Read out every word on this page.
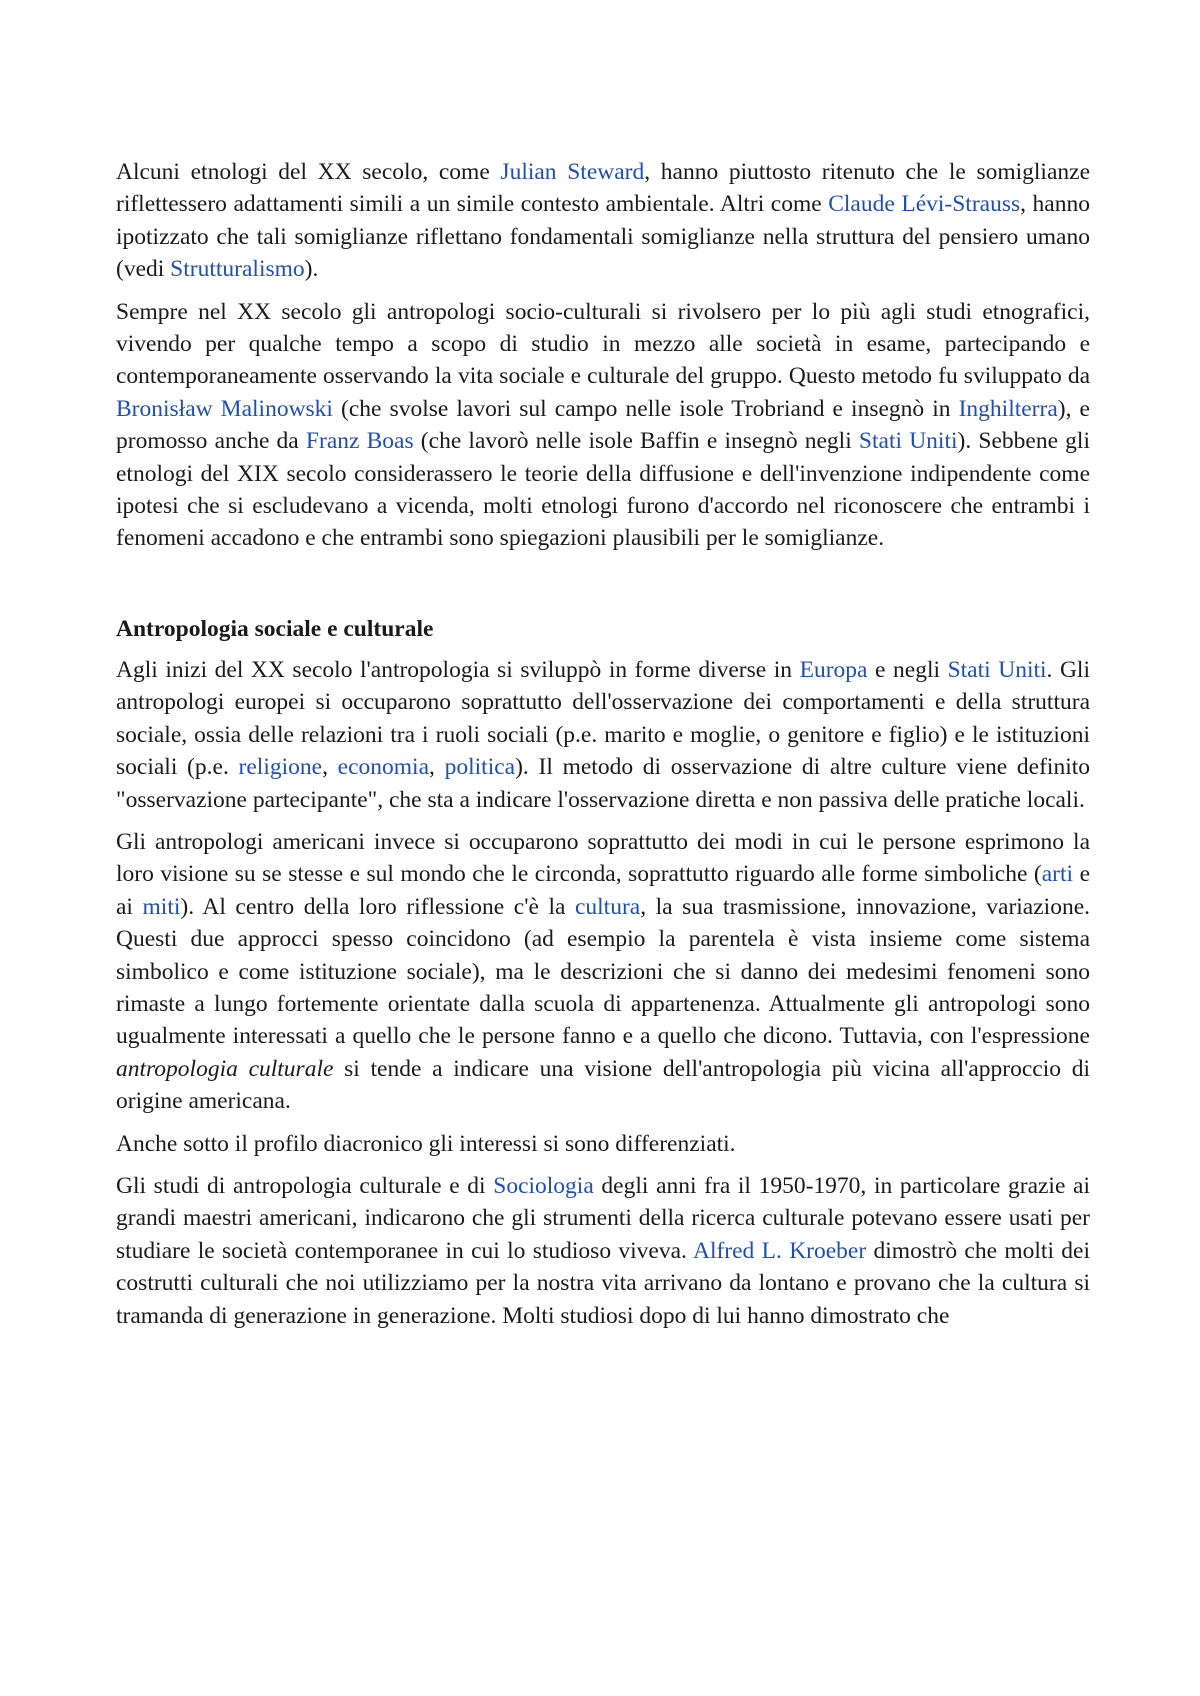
Alcuni etnologi del XX secolo, come Julian Steward, hanno piuttosto ritenuto che le somiglianze riflettessero adattamenti simili a un simile contesto ambientale. Altri come Claude Lévi-Strauss, hanno ipotizzato che tali somiglianze riflettano fondamentali somiglianze nella struttura del pensiero umano (vedi Strutturalismo).

Sempre nel XX secolo gli antropologi socio-culturali si rivolsero per lo più agli studi etnografici, vivendo per qualche tempo a scopo di studio in mezzo alle società in esame, partecipando e contemporaneamente osservando la vita sociale e culturale del gruppo. Questo metodo fu sviluppato da Bronisław Malinowski (che svolse lavori sul campo nelle isole Trobriand e insegnò in Inghilterra), e promosso anche da Franz Boas (che lavorò nelle isole Baffin e insegnò negli Stati Uniti). Sebbene gli etnologi del XIX secolo considerassero le teorie della diffusione e dell'invenzione indipendente come ipotesi che si escludevano a vicenda, molti etnologi furono d'accordo nel riconoscere che entrambi i fenomeni accadono e che entrambi sono spiegazioni plausibili per le somiglianze.

Antropologia sociale e culturale

Agli inizi del XX secolo l'antropologia si sviluppò in forme diverse in Europa e negli Stati Uniti. Gli antropologi europei si occuparono soprattutto dell'osservazione dei comportamenti e della struttura sociale, ossia delle relazioni tra i ruoli sociali (p.e. marito e moglie, o genitore e figlio) e le istituzioni sociali (p.e. religione, economia, politica). Il metodo di osservazione di altre culture viene definito "osservazione partecipante", che sta a indicare l'osservazione diretta e non passiva delle pratiche locali.

Gli antropologi americani invece si occuparono soprattutto dei modi in cui le persone esprimono la loro visione su se stesse e sul mondo che le circonda, soprattutto riguardo alle forme simboliche (arti e ai miti). Al centro della loro riflessione c'è la cultura, la sua trasmissione, innovazione, variazione. Questi due approcci spesso coincidono (ad esempio la parentela è vista insieme come sistema simbolico e come istituzione sociale), ma le descrizioni che si danno dei medesimi fenomeni sono rimaste a lungo fortemente orientate dalla scuola di appartenenza. Attualmente gli antropologi sono ugualmente interessati a quello che le persone fanno e a quello che dicono. Tuttavia, con l'espressione antropologia culturale si tende a indicare una visione dell'antropologia più vicina all'approccio di origine americana.

Anche sotto il profilo diacronico gli interessi si sono differenziati.

Gli studi di antropologia culturale e di Sociologia degli anni fra il 1950-1970, in particolare grazie ai grandi maestri americani, indicarono che gli strumenti della ricerca culturale potevano essere usati per studiare le società contemporanee in cui lo studioso viveva. Alfred L. Kroeber dimostrò che molti dei costrutti culturali che noi utilizziamo per la nostra vita arrivano da lontano e provano che la cultura si tramanda di generazione in generazione. Molti studiosi dopo di lui hanno dimostrato che
